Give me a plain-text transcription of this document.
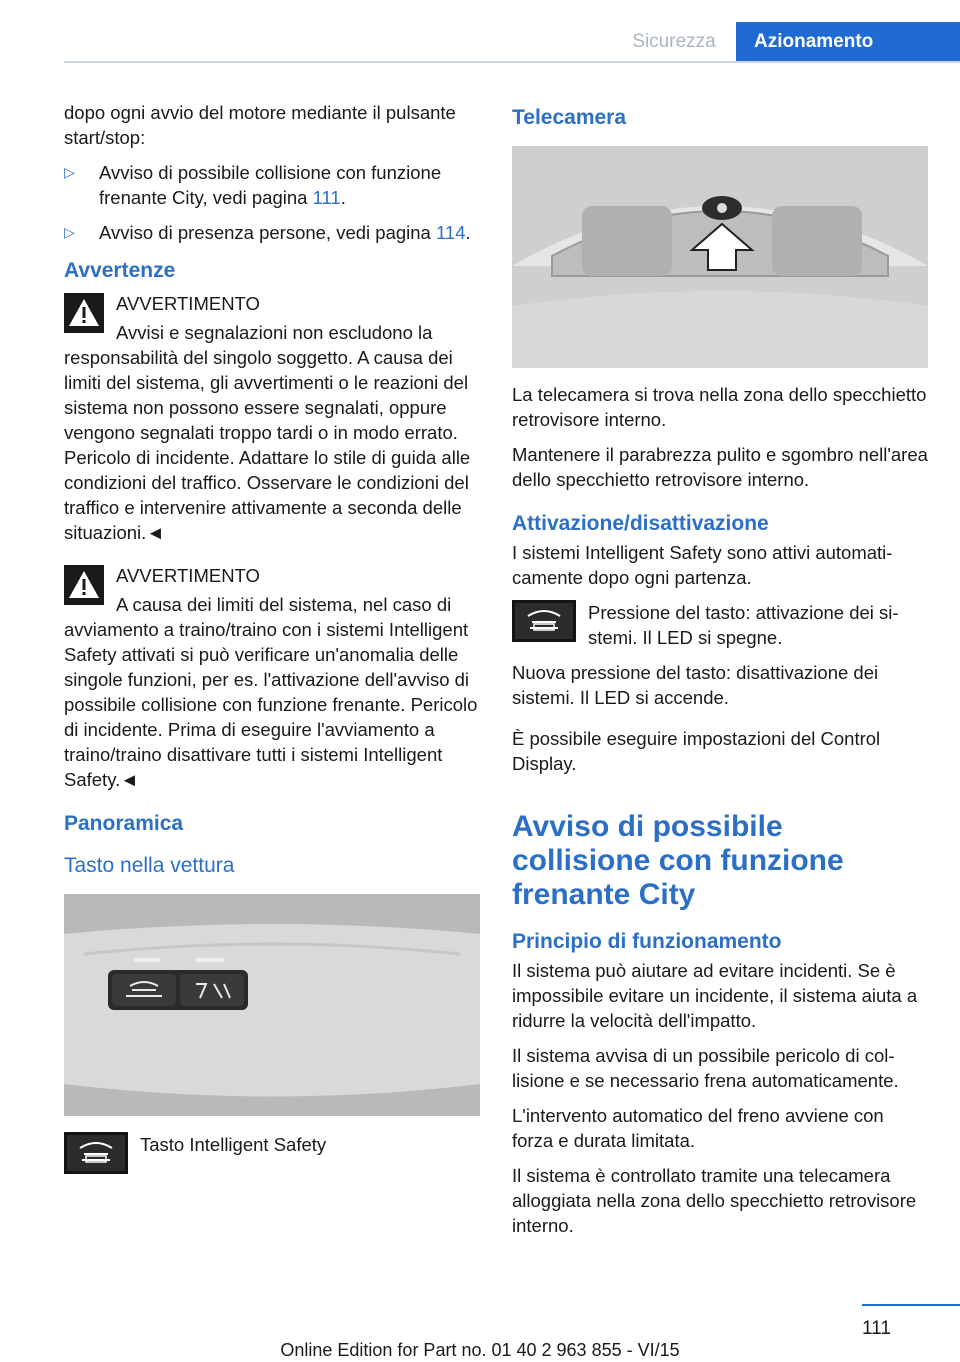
Sicurezza	Azionamento

dopo ogni avvio del motore mediante il pulsante start/stop:

▷ Avviso di possibile collisione con funzione frenante City, vedi pagina 111.
▷ Avviso di presenza persone, vedi pagina 114.
Avvertenze
AVVERTIMENTO

Avvisi e segnalazioni non escludono la
responsabilità del singolo soggetto. A causa dei limiti del sistema, gli avvertimenti o le reazioni del sistema non possono essere segnalati, oppure vengono segnalati troppo tardi o in modo errato. Pericolo di incidente. Adattare lo stile di guida alle condizioni del traffico. Osservare le condizioni del traffico e intervenire attivamente a seconda delle situazioni.◄

AVVERTIMENTO

A causa dei limiti del sistema, nel caso di
avviamento a traino/traino con i sistemi Intelligent Safety attivati si può verificare un'anomalia delle singole funzioni, per es. l'attivazione dell'avviso di possibile collisione con funzione frenante. Pericolo di incidente. Prima di eseguire l'avviamento a traino/traino disattivare tutti i sistemi Intelligent Safety.◄

Panoramica
Tasto nella vettura
Tasto Intelligent Safety
Telecamera

La telecamera si trova nella zona dello specchietto retrovisore interno.

Mantenere il parabrezza pulito e sgombro nell'area dello specchietto retrovisore interno.

Attivazione/disattivazione

I sistemi Intelligent Safety sono attivi automaticamente dopo ogni partenza.

Pressione del tasto: attivazione dei sistemi. Il LED si spegne.

Nuova pressione del tasto: disattivazione dei sistemi. Il LED si accende.

È possibile eseguire impostazioni del Control Display.

Avviso di possibile collisione con funzione frenante City
Principio di funzionamento

Il sistema può aiutare ad evitare incidenti. Se è impossibile evitare un incidente, il sistema aiuta a ridurre la velocità dell'impatto.

Il sistema avvisa di un possibile pericolo di collisione e se necessario frena automaticamente.

L'intervento automatico del freno avviene con forza e durata limitata.

Il sistema è controllato tramite una telecamera alloggiata nella zona dello specchietto retrovisore interno.

111
Online Edition for Part no. 01 40 2 963 855 - VI/15
